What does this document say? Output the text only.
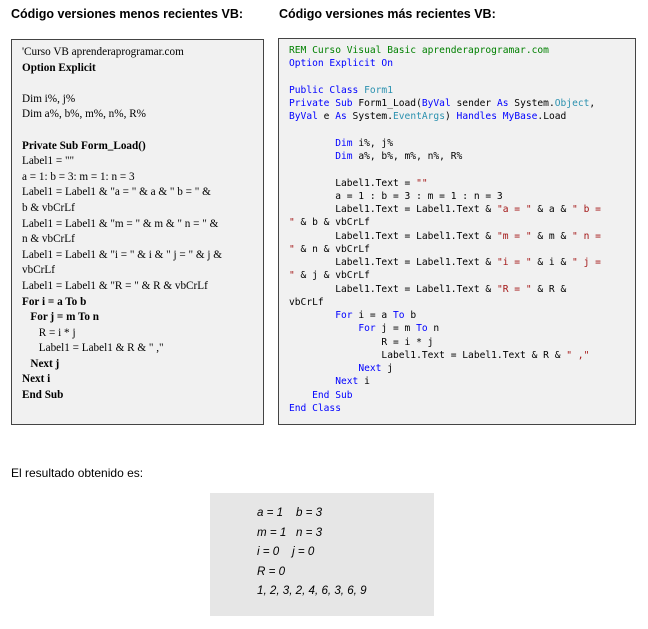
Código versiones menos recientes VB:	Código versiones más recientes VB:
'Curso VB aprenderaprogramar.com
Option Explicit
Dim i%, j%
Dim a%, b%, m%, n%, R%
Private Sub Form_Load()
Label1 = ""
a = 1: b = 3: m = 1: n = 3
Label1 = Label1 & "a = " & a & " b = " &
b & vbCrLf
Label1 = Label1 & "m = " & m & " n = " &
n & vbCrLf
Label1 = Label1 & "i = " & i & " j = " & j &
vbCrLf
Label1 = Label1 & "R = " & R & vbCrLf
For i = a To b
For j = m To n
R = i * j
Label1 = Label1 & R & " ,"
Next j
Next i
End Sub
REM Curso Visual Basic aprenderaprogramar.com
Option Explicit On
Public Class Form1
Private Sub Form1_Load(ByVal sender As System.Object,
ByVal e As System.EventArgs) Handles MyBase.Load
Dim i%, j%
Dim a%, b%, m%, n%, R%
Label1.Text = ""
a = 1 : b = 3 : m = 1 : n = 3
Label1.Text = Label1.Text & "a = " & a & " b =
" & b & vbCrLf
Label1.Text = Label1.Text & "m = " & m & " n =
" & n & vbCrLf
Label1.Text = Label1.Text & "i = " & i & " j =
" & j & vbCrLf
Label1.Text = Label1.Text & "R = " & R &
vbCrLf
For i = a To b
For j = m To n
R = i * j
Label1.Text = Label1.Text & R & " ,"
Next j
Next i
End Sub
End Class
El resultado obtenido es:
a = 1    b = 3
m = 1   n = 3
i = 0    j = 0
R = 0
1, 2, 3, 2, 4, 6, 3, 6, 9
